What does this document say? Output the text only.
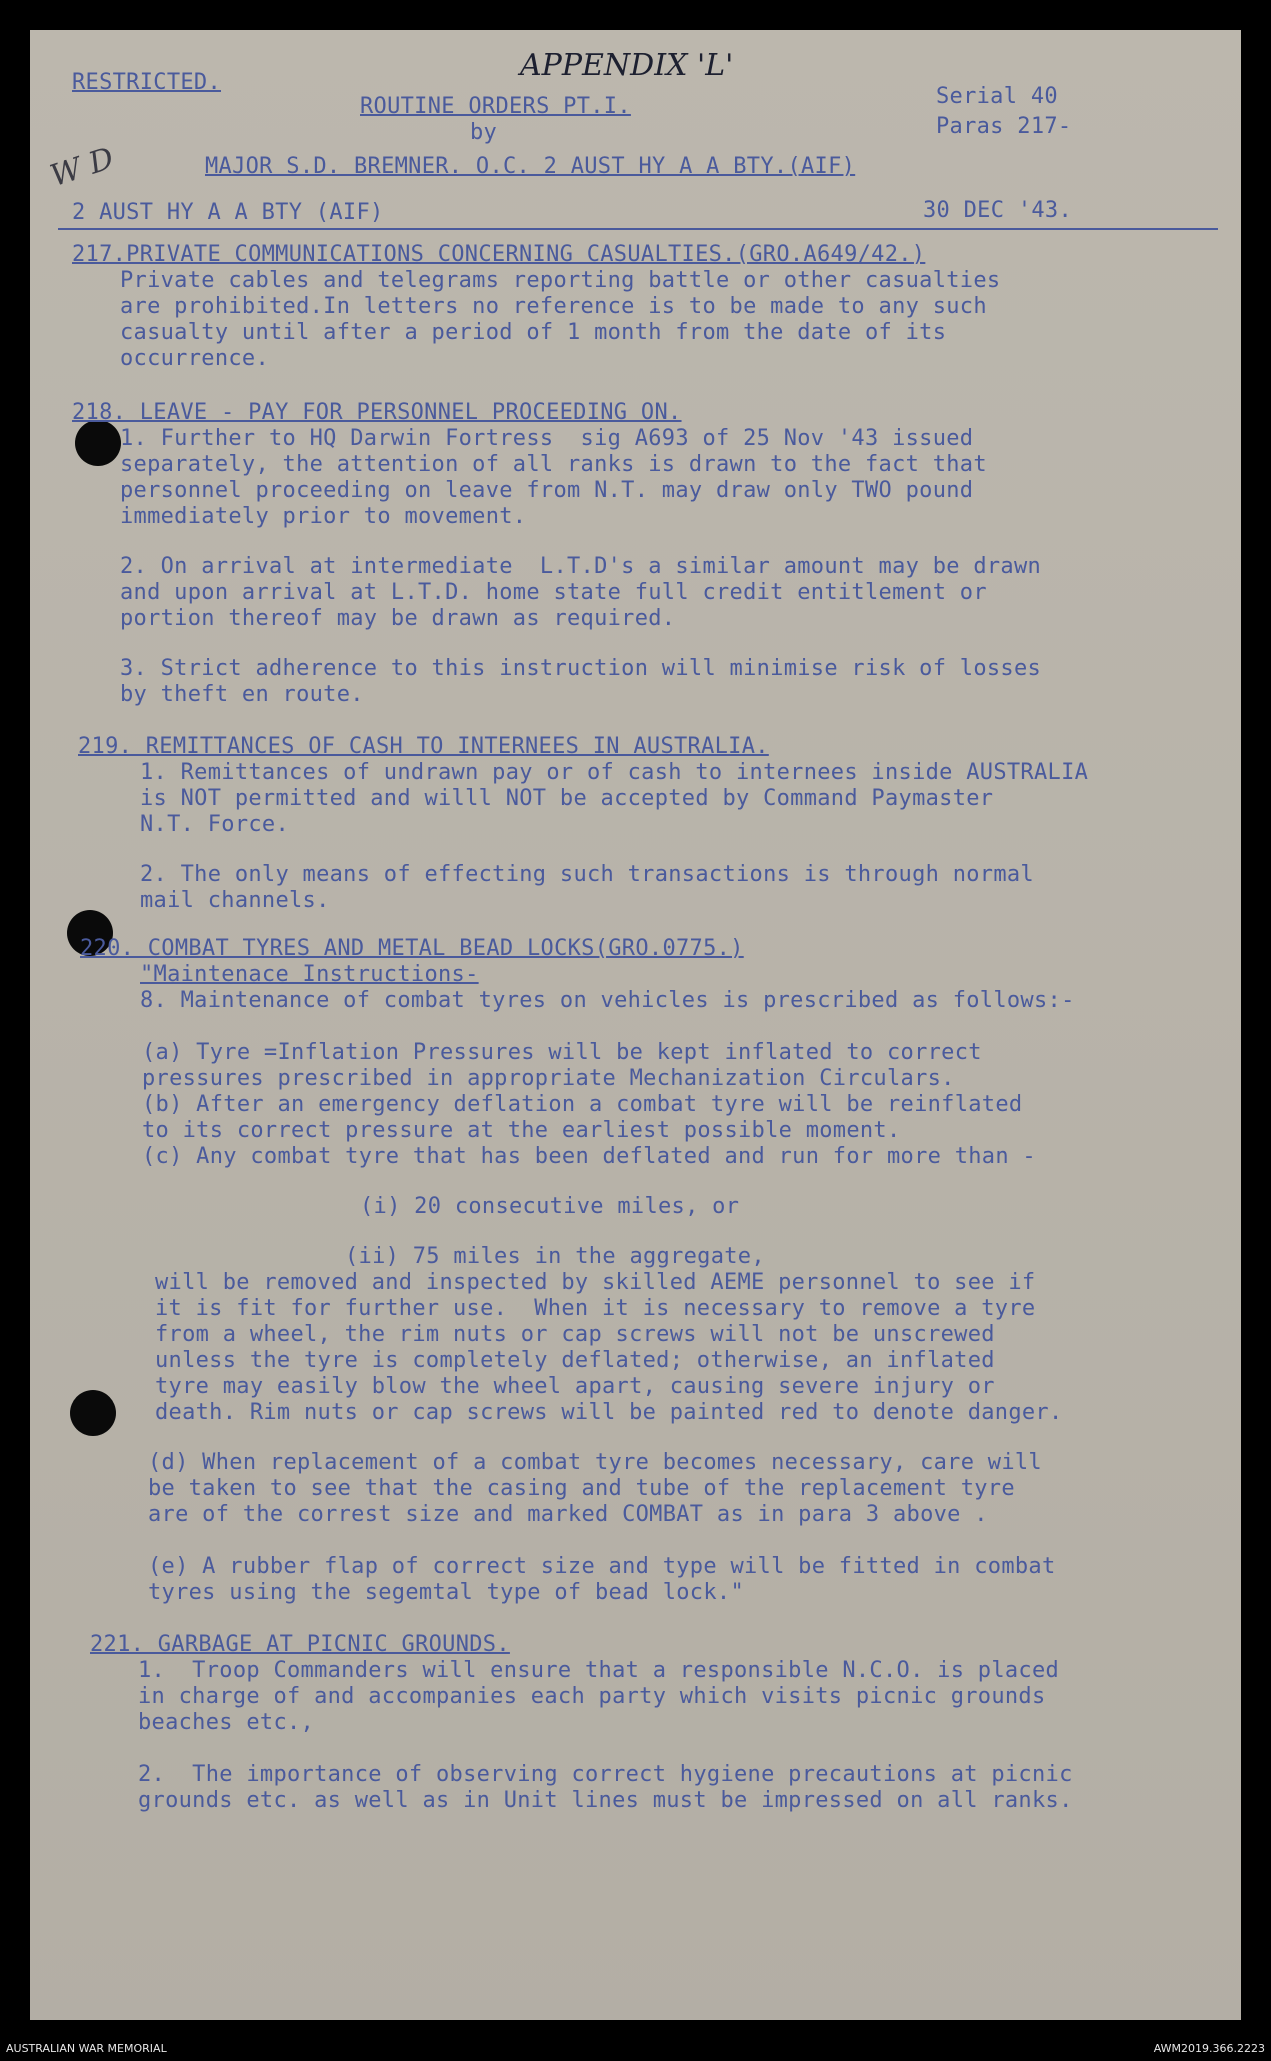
RESTRICTED.	APPENDIX 'L'
W D
ROUTINE ORDERS PT.I.
by
Serial 40
Paras 217-
MAJOR S.D. BREMNER. O.C. 2 AUST HY A A BTY.(AIF)
2 AUST HY A A BTY (AIF)	30 DEC '43.
217.PRIVATE COMMUNICATIONS CONCERNING CASUALTIES.(GRO.A649/42.)
Private cables and telegrams reporting battle or other casualties
are prohibited.In letters no reference is to be made to any such
casualty until after a period of 1 month from the date of its
occurrence.
218. LEAVE - PAY FOR PERSONNEL PROCEEDING ON.
1. Further to HQ Darwin Fortress  sig A693 of 25 Nov '43 issued
separately, the attention of all ranks is drawn to the fact that
personnel proceeding on leave from N.T. may draw only TWO pound
immediately prior to movement.
2. On arrival at intermediate  L.T.D's a similar amount may be drawn
and upon arrival at L.T.D. home state full credit entitlement or
portion thereof may be drawn as required.
3. Strict adherence to this instruction will minimise risk of losses
by theft en route.
219. REMITTANCES OF CASH TO INTERNEES IN AUSTRALIA.
1. Remittances of undrawn pay or of cash to internees inside AUSTRALIA
is NOT permitted and willl NOT be accepted by Command Paymaster
N.T. Force.
2. The only means of effecting such transactions is through normal
mail channels.
220. COMBAT TYRES AND METAL BEAD LOCKS(GRO.0775.)
"Maintenace Instructions-
8. Maintenance of combat tyres on vehicles is prescribed as follows:-
(a) Tyre =Inflation Pressures will be kept inflated to correct
pressures prescribed in appropriate Mechanization Circulars.
(b) After an emergency deflation a combat tyre will be reinflated
to its correct pressure at the earliest possible moment.
(c) Any combat tyre that has been deflated and run for more than -
(i) 20 consecutive miles, or
(ii) 75 miles in the aggregate,
will be removed and inspected by skilled AEME personnel to see if
it is fit for further use.  When it is necessary to remove a tyre
from a wheel, the rim nuts or cap screws will not be unscrewed
unless the tyre is completely deflated; otherwise, an inflated
tyre may easily blow the wheel apart, causing severe injury or
death. Rim nuts or cap screws will be painted red to denote danger.
(d) When replacement of a combat tyre becomes necessary, care will
be taken to see that the casing and tube of the replacement tyre
are of the correst size and marked COMBAT as in para 3 above .
(e) A rubber flap of correct size and type will be fitted in combat
tyres using the segemtal type of bead lock."
221. GARBAGE AT PICNIC GROUNDS.
1.  Troop Commanders will ensure that a responsible N.C.O. is placed
in charge of and accompanies each party which visits picnic grounds
beaches etc.,
2.  The importance of observing correct hygiene precautions at picnic
grounds etc. as well as in Unit lines must be impressed on all ranks.
AUSTRALIAN WAR MEMORIAL	AWM2019.366.2223
